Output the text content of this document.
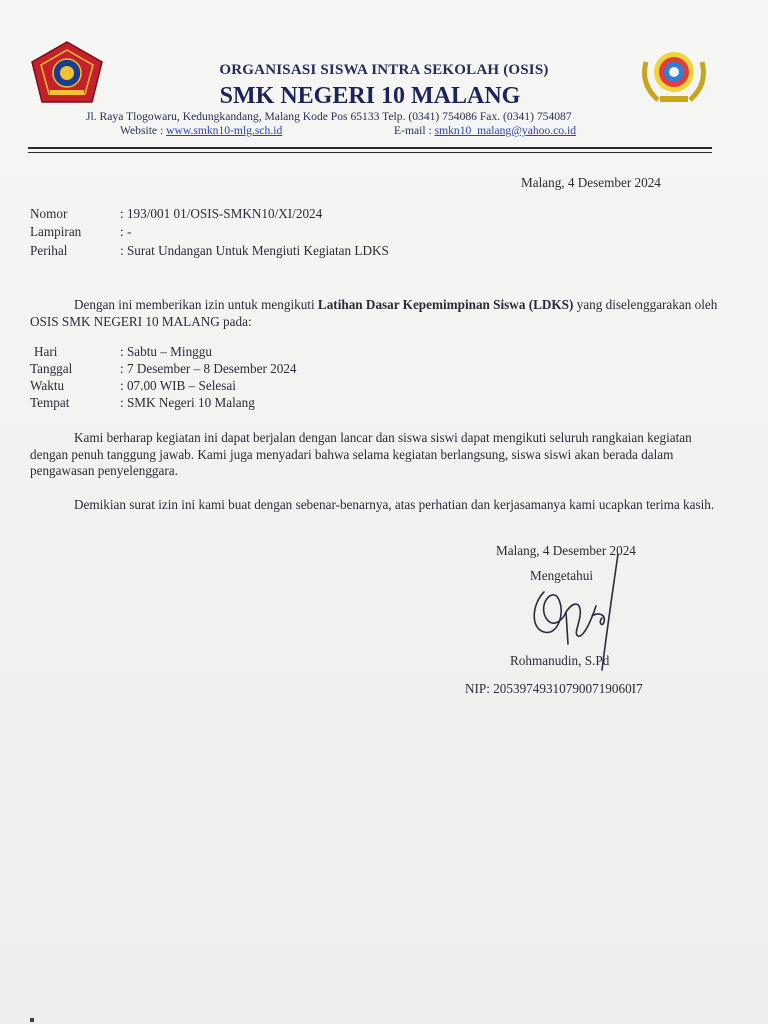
ORGANISASI SISWA INTRA SEKOLAH (OSIS)
SMK NEGERI 10 MALANG
Jl. Raya Tlogowaru, Kedungkandang, Malang Kode Pos 65133 Telp. (0341) 754086 Fax. (0341) 754087
Website : www.smkn10-mlg.sch.id	E-mail : smkn10_malang@yahoo.co.id
Malang, 4 Desember 2024
Nomor	: 193/001 01/OSIS-SMKN10/XI/2024
Lampiran	: -
Perihal	: Surat Undangan Untuk Mengiuti Kegiatan LDKS
Dengan ini memberikan izin untuk mengikuti Latihan Dasar Kepemimpinan Siswa (LDKS) yang diselenggarakan oleh OSIS SMK NEGERI 10 MALANG pada:
Hari	: Sabtu – Minggu
Tanggal	: 7 Desember – 8 Desember 2024
Waktu	: 07.00 WIB – Selesai
Tempat	: SMK Negeri 10 Malang
Kami berharap kegiatan ini dapat berjalan dengan lancar dan siswa siswi dapat mengikuti seluruh rangkaian kegiatan dengan penuh tanggung jawab. Kami juga menyadari bahwa selama kegiatan berlangsung, siswa siswi akan berada dalam pengawasan penyelenggara.
Demikian surat izin ini kami buat dengan sebenar-benarnya, atas perhatian dan kerjasamanya kami ucapkan terima kasih.
Malang, 4 Desember 2024
Mengetahui
Rohmanudin, S.Pd
NIP: 205397493107900719060I7
